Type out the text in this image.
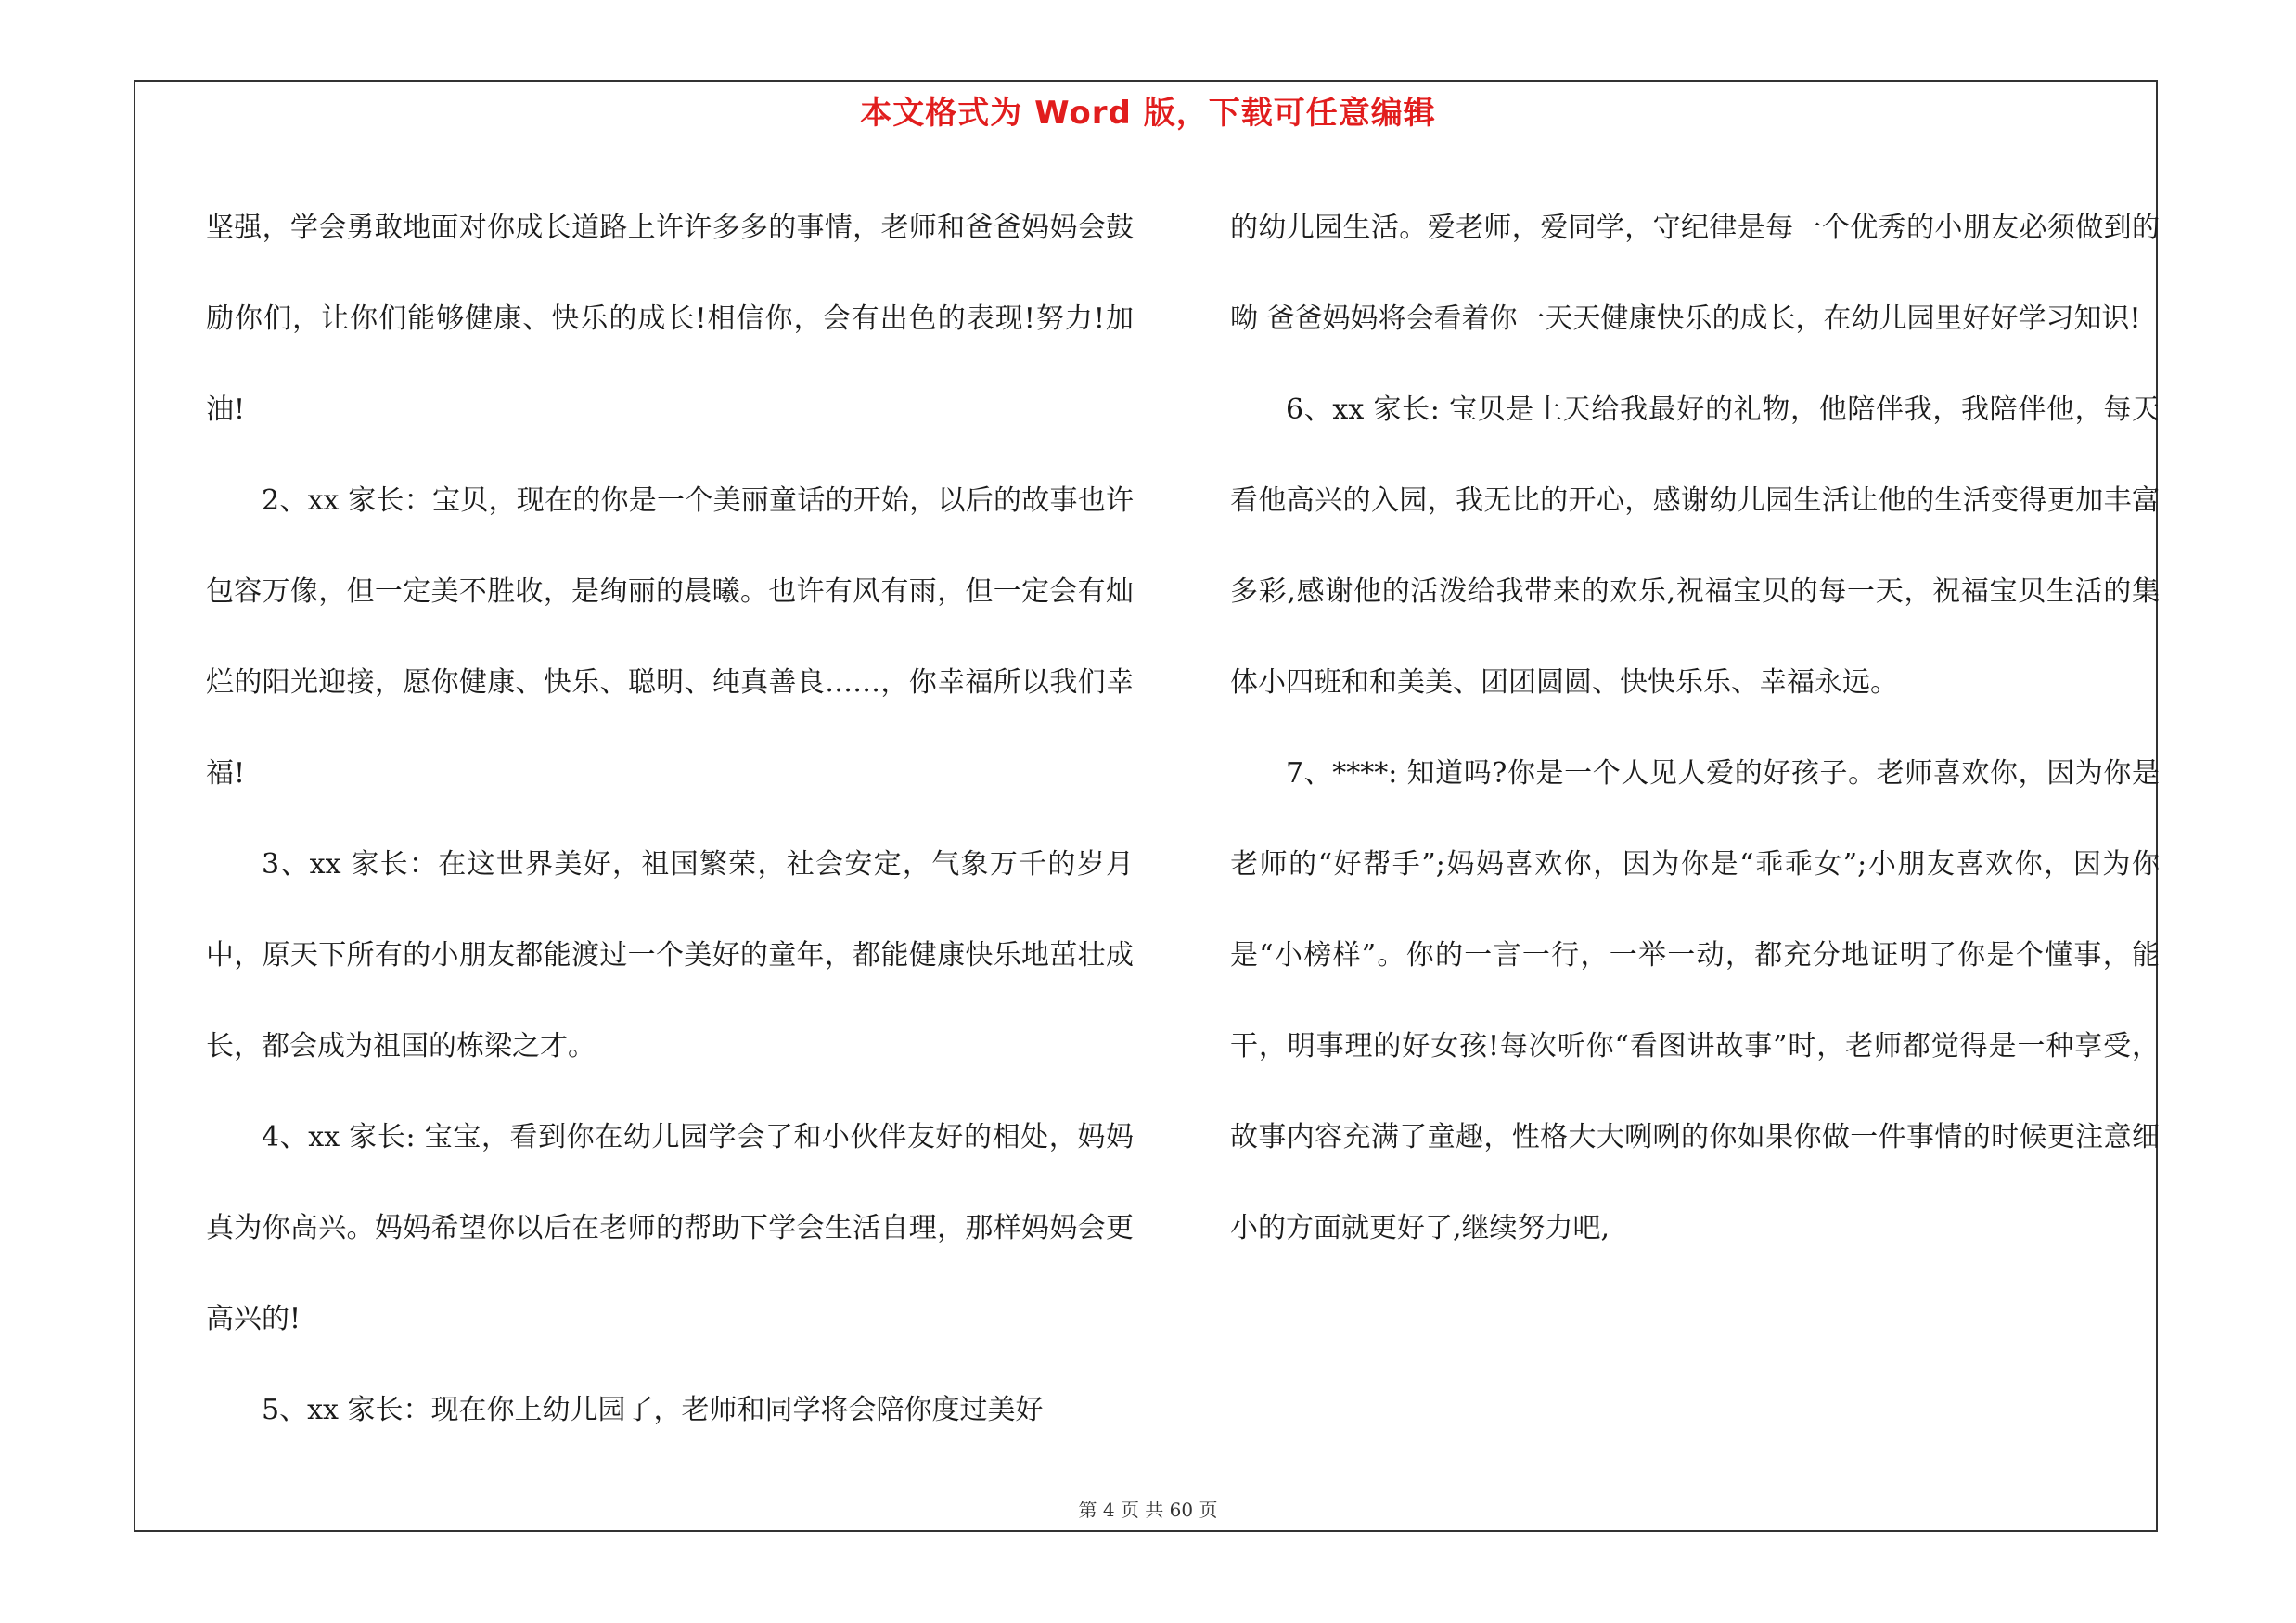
本文格式为 Word 版，下载可任意编辑

坚强，学会勇敢地面对你成长道路上许许多多的事情，老师和爸爸妈妈会鼓励你们，让你们能够健康、快乐的成长!相信你，会有出色的表现!努力!加油!

2、xx 家长：宝贝，现在的你是一个美丽童话的开始，以后的故事也许包容万像，但一定美不胜收，是绚丽的晨曦。也许有风有雨，但一定会有灿烂的阳光迎接，愿你健康、快乐、聪明、纯真善良……，你幸福所以我们幸福!

3、xx 家长：在这世界美好，祖国繁荣，社会安定，气象万千的岁月中，原天下所有的小朋友都能渡过一个美好的童年，都能健康快乐地茁壮成长，都会成为祖国的栋梁之才。

4、xx 家长: 宝宝，看到你在幼儿园学会了和小伙伴友好的相处，妈妈真为你高兴。妈妈希望你以后在老师的帮助下学会生活自理，那样妈妈会更高兴的!

5、xx 家长：现在你上幼儿园了，老师和同学将会陪你度过美好

的幼儿园生活。爱老师，爱同学，守纪律是每一个优秀的小朋友必须做到的呦 爸爸妈妈将会看着你一天天健康快乐的成长，在幼儿园里好好学习知识!

6、xx 家长: 宝贝是上天给我最好的礼物，他陪伴我，我陪伴他，每天看他高兴的入园，我无比的开心，感谢幼儿园生活让他的生活变得更加丰富多彩,感谢他的活泼给我带来的欢乐,祝福宝贝的每一天，祝福宝贝生活的集体小四班和和美美、团团圆圆、快快乐乐、幸福永远。

7、****: 知道吗?你是一个人见人爱的好孩子。老师喜欢你，因为你是老师的“好帮手”;妈妈喜欢你，因为你是“乖乖女”;小朋友喜欢你，因为你是“小榜样”。你的一言一行，一举一动，都充分地证明了你是个懂事，能干，明事理的好女孩!每次听你“看图讲故事”时，老师都觉得是一种享受，故事内容充满了童趣，性格大大咧咧的你如果你做一件事情的时候更注意细小的方面就更好了,继续努力吧,

第 4 页 共 60 页
